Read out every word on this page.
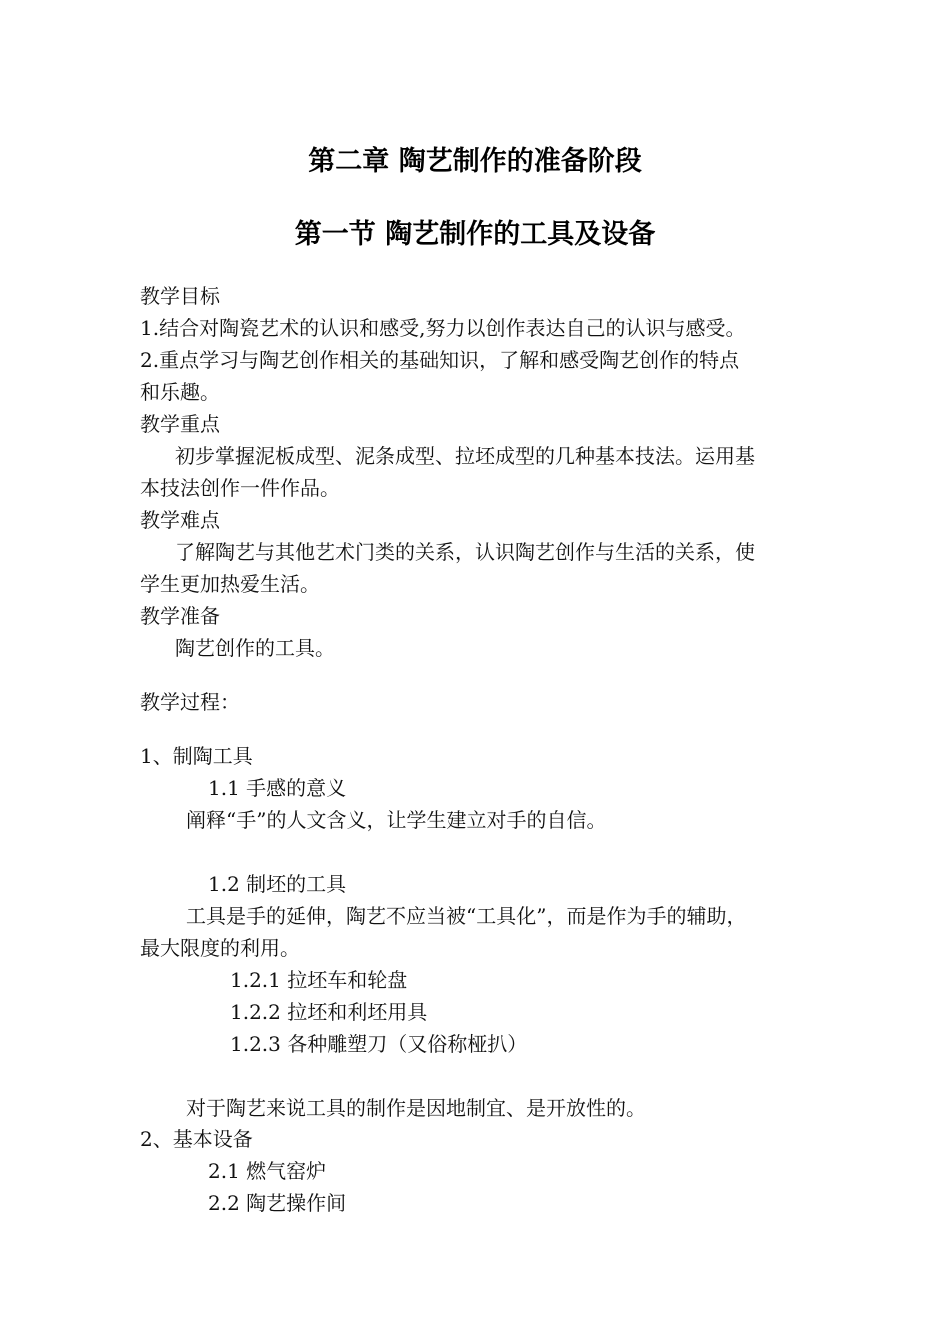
第二章 陶艺制作的准备阶段
第一节 陶艺制作的工具及设备
教学目标
1.结合对陶瓷艺术的认识和感受,努力以创作表达自己的认识与感受。
2.重点学习与陶艺创作相关的基础知识，了解和感受陶艺创作的特点
和乐趣。
教学重点
初步掌握泥板成型、泥条成型、拉坯成型的几种基本技法。运用基
本技法创作一件作品。
教学难点
了解陶艺与其他艺术门类的关系，认识陶艺创作与生活的关系，使
学生更加热爱生活。
教学准备
陶艺创作的工具。
教学过程：
1、制陶工具
1.1 手感的意义
阐释“手”的人文含义，让学生建立对手的自信。
1.2 制坯的工具
工具是手的延伸，陶艺不应当被“工具化”，而是作为手的辅助，
最大限度的利用。
1.2.1 拉坯车和轮盘
1.2.2 拉坯和利坯用具
1.2.3 各种雕塑刀（又俗称桠扒）
对于陶艺来说工具的制作是因地制宜、是开放性的。
2、基本设备
2.1 燃气窑炉
2.2 陶艺操作间
